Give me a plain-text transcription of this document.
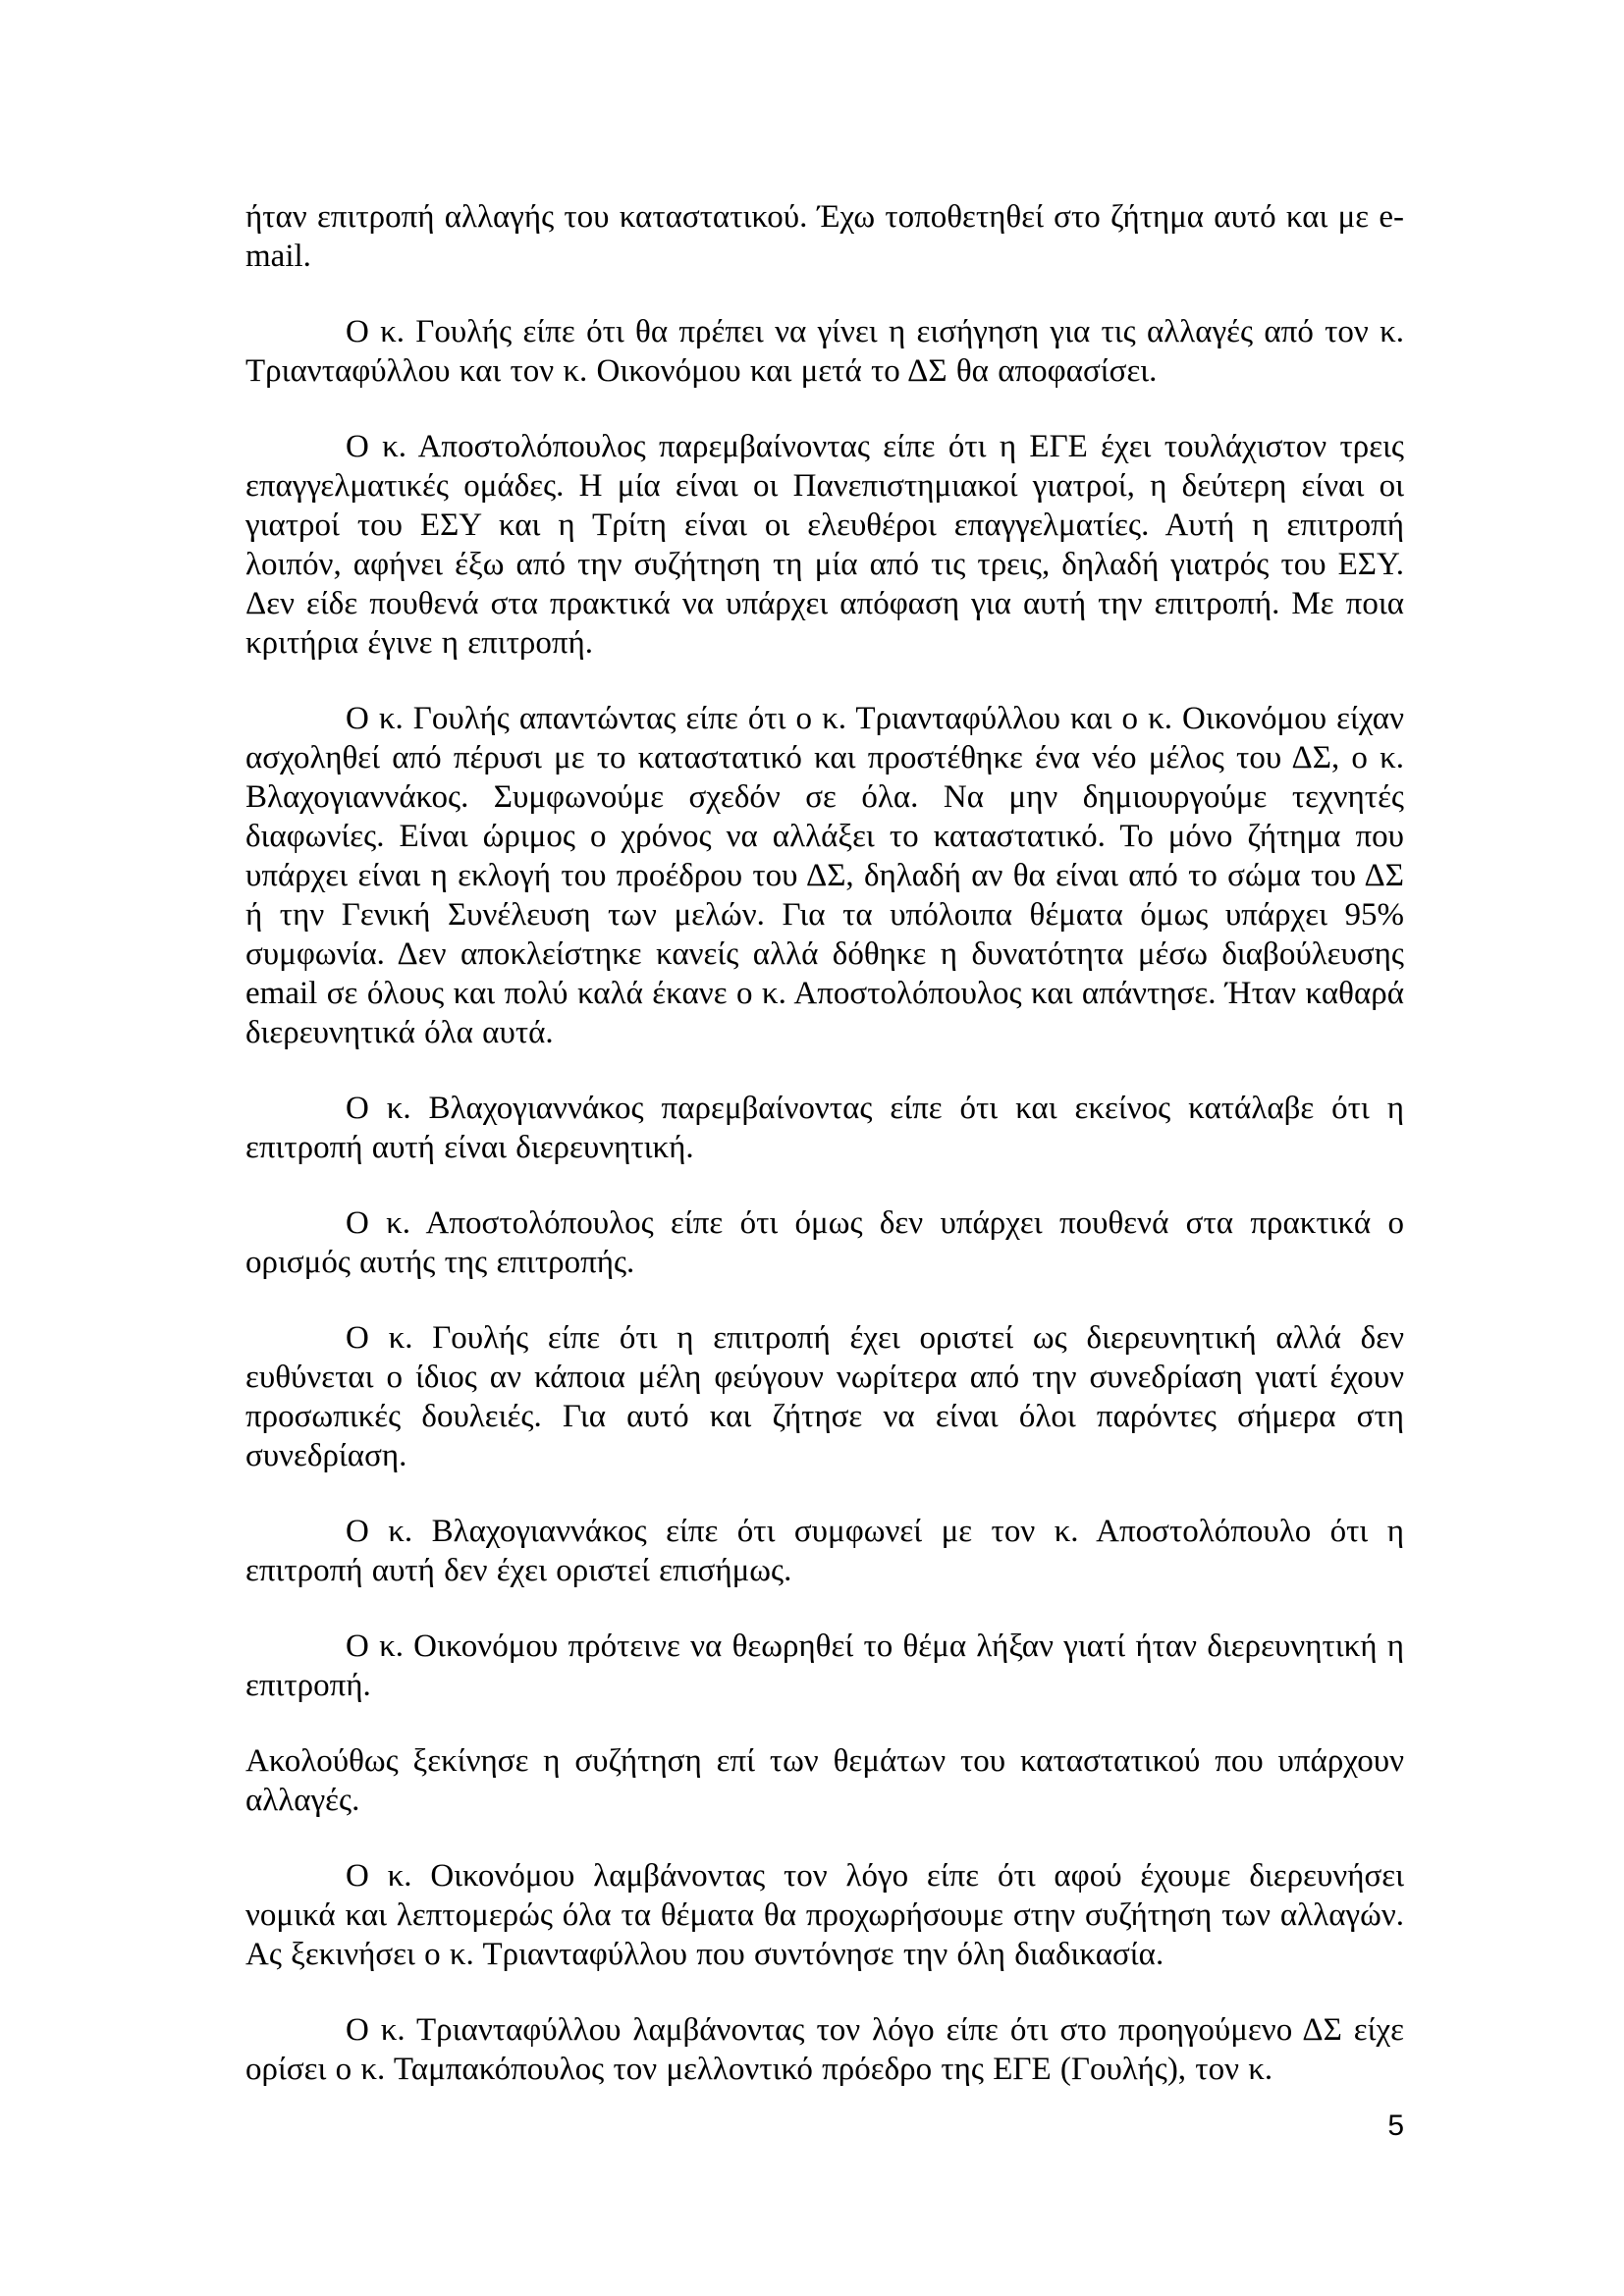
ήταν επιτροπή αλλαγής του καταστατικού. Έχω τοποθετηθεί στο ζήτημα αυτό και με e-mail.

Ο κ. Γουλής είπε ότι θα πρέπει να γίνει η εισήγηση για τις αλλαγές από τον κ. Τριανταφύλλου και τον κ. Οικονόμου και μετά το ΔΣ θα αποφασίσει.

Ο κ. Αποστολόπουλος παρεμβαίνοντας είπε ότι η ΕΓΕ έχει τουλάχιστον τρεις επαγγελματικές ομάδες. Η μία είναι οι Πανεπιστημιακοί γιατροί, η δεύτερη είναι οι γιατροί του ΕΣΥ και η Τρίτη είναι οι ελευθέροι επαγγελματίες. Αυτή η επιτροπή λοιπόν, αφήνει έξω από την συζήτηση τη μία από τις τρεις, δηλαδή γιατρός του ΕΣΥ. Δεν είδε πουθενά στα πρακτικά να υπάρχει απόφαση για αυτή την επιτροπή. Με ποια κριτήρια έγινε η επιτροπή.

Ο κ. Γουλής απαντώντας είπε ότι ο κ. Τριανταφύλλου και ο κ. Οικονόμου είχαν ασχοληθεί από πέρυσι με το καταστατικό και προστέθηκε ένα νέο μέλος του ΔΣ, ο κ. Βλαχογιαννάκος. Συμφωνούμε σχεδόν σε όλα. Να μην δημιουργούμε τεχνητές διαφωνίες. Είναι ώριμος ο χρόνος να αλλάξει το καταστατικό. Το μόνο ζήτημα που υπάρχει είναι η εκλογή του προέδρου του ΔΣ, δηλαδή αν θα είναι από το σώμα του ΔΣ ή την Γενική Συνέλευση των μελών. Για τα υπόλοιπα θέματα όμως υπάρχει 95% συμφωνία. Δεν αποκλείστηκε κανείς αλλά δόθηκε η δυνατότητα μέσω διαβούλευσης email σε όλους και πολύ καλά έκανε ο κ. Αποστολόπουλος και απάντησε. Ήταν καθαρά διερευνητικά όλα αυτά.

Ο κ. Βλαχογιαννάκος παρεμβαίνοντας είπε ότι και εκείνος κατάλαβε ότι η επιτροπή αυτή είναι διερευνητική.

Ο κ. Αποστολόπουλος είπε ότι όμως δεν υπάρχει πουθενά στα πρακτικά ο ορισμός αυτής της επιτροπής.

Ο κ. Γουλής είπε ότι η επιτροπή έχει οριστεί ως διερευνητική αλλά δεν ευθύνεται ο ίδιος αν κάποια μέλη φεύγουν νωρίτερα από την συνεδρίαση γιατί έχουν προσωπικές δουλειές. Για αυτό και ζήτησε να είναι όλοι παρόντες σήμερα στη συνεδρίαση.

Ο κ. Βλαχογιαννάκος είπε ότι συμφωνεί με τον κ. Αποστολόπουλο ότι η επιτροπή αυτή δεν έχει οριστεί επισήμως.

Ο κ. Οικονόμου πρότεινε να θεωρηθεί το θέμα λήξαν γιατί ήταν διερευνητική η επιτροπή.

Ακολούθως ξεκίνησε η συζήτηση επί των θεμάτων του καταστατικού που υπάρχουν αλλαγές.

Ο κ. Οικονόμου λαμβάνοντας τον λόγο είπε ότι αφού έχουμε διερευνήσει νομικά και λεπτομερώς όλα τα θέματα θα προχωρήσουμε στην συζήτηση των αλλαγών. Ας ξεκινήσει ο κ. Τριανταφύλλου που συντόνησε την όλη διαδικασία.

Ο κ. Τριανταφύλλου λαμβάνοντας τον λόγο είπε ότι στο προηγούμενο ΔΣ είχε ορίσει ο κ. Ταμπακόπουλος τον μελλοντικό πρόεδρο της ΕΓΕ (Γουλής), τον κ.

5
